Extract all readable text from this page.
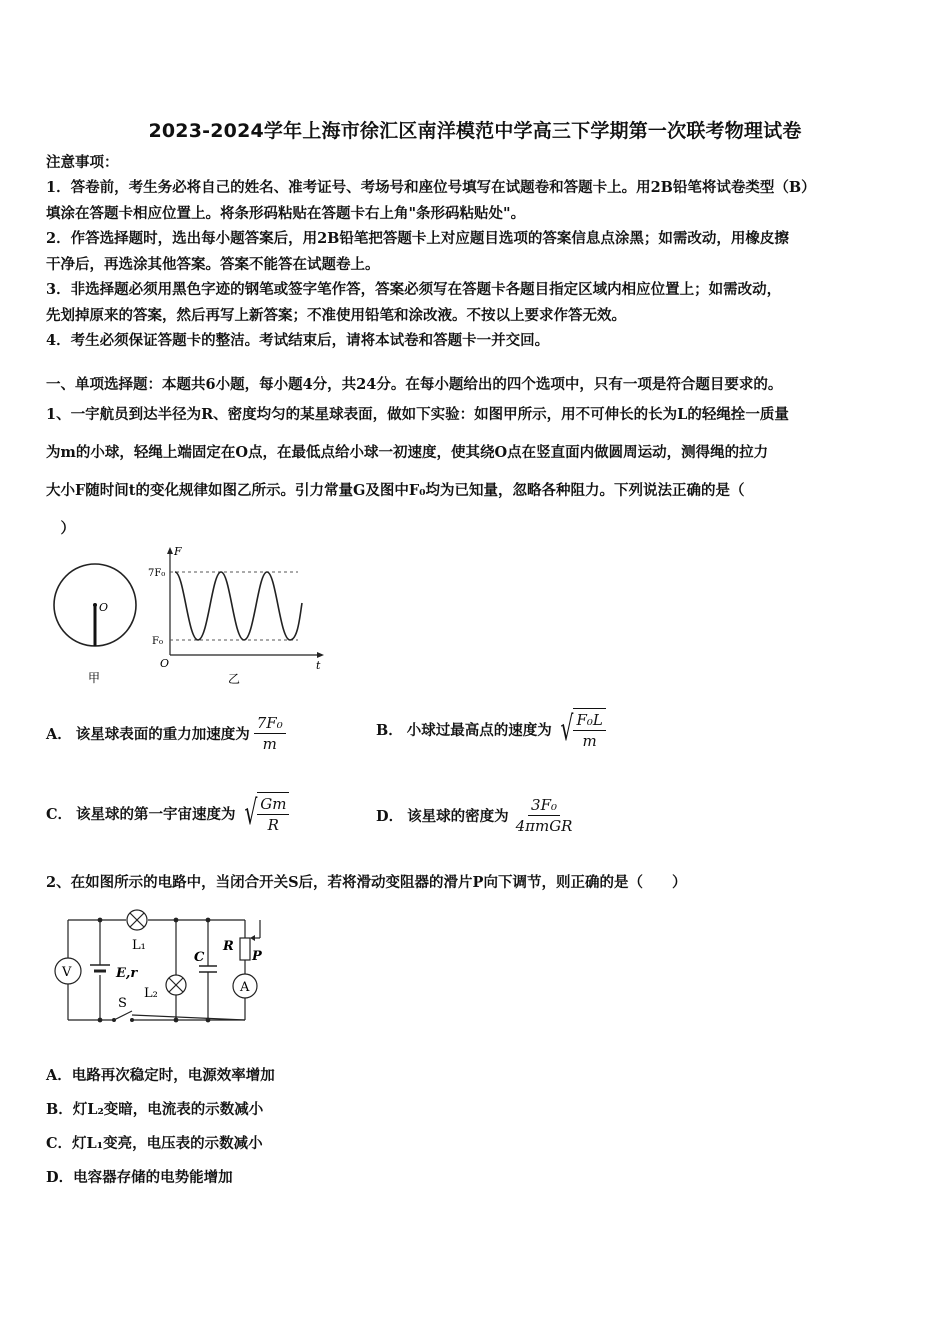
2023-2024学年上海市徐汇区南洋模范中学高三下学期第一次联考物理试卷
注意事项：

1．答卷前，考生务必将自己的姓名、准考证号、考场号和座位号填写在试题卷和答题卡上。用2B铅笔将试卷类型（B）

填涂在答题卡相应位置上。将条形码粘贴在答题卡右上角"条形码粘贴处"。

2．作答选择题时，选出每小题答案后，用2B铅笔把答题卡上对应题目选项的答案信息点涂黑；如需改动，用橡皮擦

干净后，再选涂其他答案。答案不能答在试题卷上。

3．非选择题必须用黑色字迹的钢笔或签字笔作答，答案必须写在答题卡各题目指定区域内相应位置上；如需改动，

先划掉原来的答案，然后再写上新答案；不准使用铅笔和涂改液。不按以上要求作答无效。

4．考生必须保证答题卡的整洁。考试结束后，请将本试卷和答题卡一并交回。

一、单项选择题：本题共6小题，每小题4分，共24分。在每小题给出的四个选项中，只有一项是符合题目要求的。

1、一宇航员到达半径为R、密度均匀的某星球表面，做如下实验：如图甲所示，用不可伸长的长为L的轻绳拴一质量

为m的小球，轻绳上端固定在O点，在最低点给小球一初速度，使其绕O点在竖直面内做圆周运动，测得绳的拉力

大小F随时间t的变化规律如图乙所示。引力常量G及图中F₀均为已知量，忽略各种阻力。下列说法正确的是（

　）

O
甲
F
t
O
7F₀
F₀
乙
A． 该星球表面的重力加速度为 $\frac{\text{7F₀}}{m}$	B． 小球过最高点的速度为 √ $\frac{\text{F₀L}}{m}$
C． 该星球的第一宇宙速度为 √ $\frac{Gm}{R}$	D． 该星球的密度为 $\frac{\text{3F₀}}{\text{4πmGR}}$
2、在如图所示的电路中，当闭合开关S后，若将滑动变阻器的滑片P向下调节，则正确的是（　　）
V
L₁
E,r
S
L₂
C
R
P
A
A．电路再次稳定时，电源效率增加
B．灯L₂变暗，电流表的示数减小
C．灯L₁变亮，电压表的示数减小
D．电容器存储的电势能增加
